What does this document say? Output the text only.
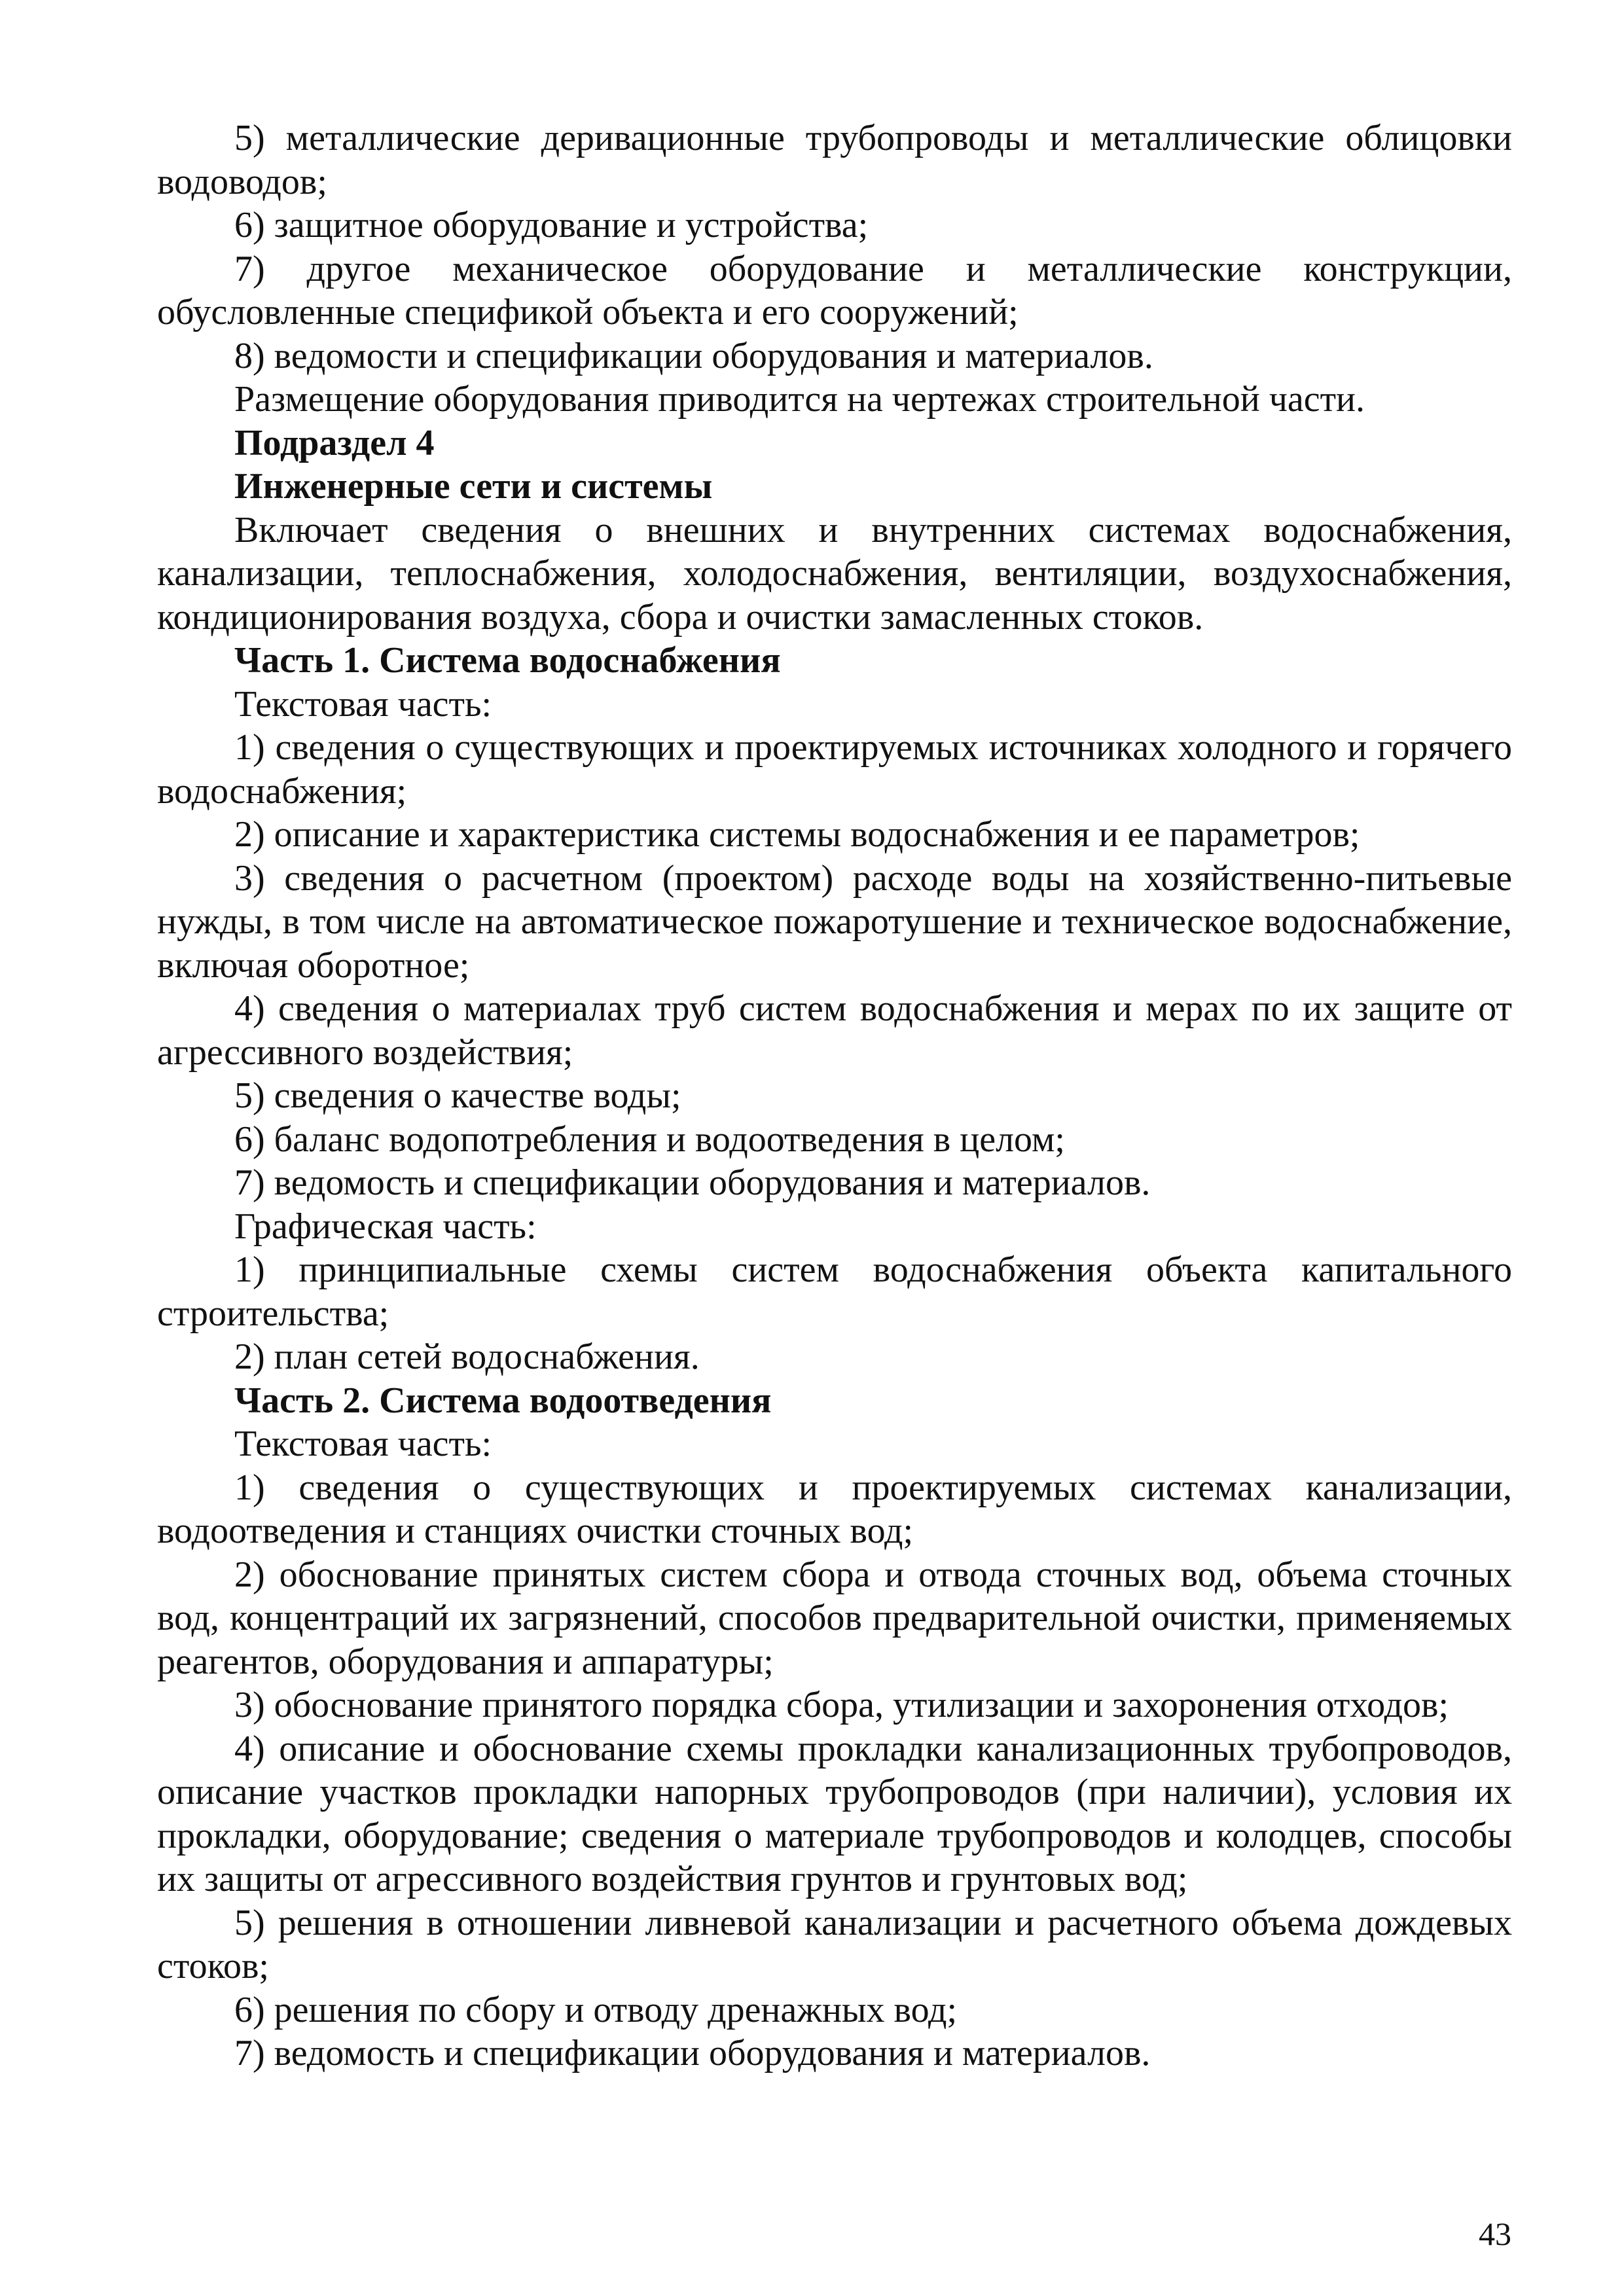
5) металлические деривационные трубопроводы и металлические облицовки водоводов;

6) защитное оборудование и устройства;

7) другое механическое оборудование и металлические конструкции, обусловленные спецификой объекта и его сооружений;

8) ведомости и спецификации оборудования и материалов.

Размещение оборудования приводится на чертежах строительной части.

Подраздел 4

Инженерные сети и системы

Включает сведения о внешних и внутренних системах водоснабжения, канализации, теплоснабжения, холодоснабжения, вентиляции, воздухоснабжения, кондиционирования воздуха, сбора и очистки замасленных стоков.

Часть 1. Система водоснабжения

Текстовая часть:

1) сведения о существующих и проектируемых источниках холодного и горячего водоснабжения;

2) описание и характеристика системы водоснабжения и ее параметров;

3) сведения о расчетном (проектом) расходе воды на хозяйственно-питьевые нужды, в том числе на автоматическое пожаротушение и техническое водоснабжение, включая оборотное;

4) сведения о материалах труб систем водоснабжения и мерах по их защите от агрессивного воздействия;

5) сведения о качестве воды;

6) баланс водопотребления и водоотведения в целом;

7) ведомость и спецификации оборудования и материалов.

Графическая часть:

1) принципиальные схемы систем водоснабжения объекта капитального строительства;

2) план сетей водоснабжения.

Часть 2. Система водоотведения

Текстовая часть:

1) сведения о существующих и проектируемых системах канализации, водоотведения и станциях очистки сточных вод;

2) обоснование принятых систем сбора и отвода сточных вод, объема сточных вод, концентраций их загрязнений, способов предварительной очистки, применяемых реагентов, оборудования и аппаратуры;

3) обоснование принятого порядка сбора, утилизации и захоронения отходов;

4) описание и обоснование схемы прокладки канализационных трубопроводов, описание участков прокладки напорных трубопроводов (при наличии), условия их прокладки, оборудование; сведения о материале трубопроводов и колодцев, способы их защиты от агрессивного воздействия грунтов и грунтовых вод;

5) решения в отношении ливневой канализации и расчетного объема дождевых стоков;

6) решения по сбору и отводу дренажных вод;

7) ведомость и спецификации оборудования и материалов.

43
